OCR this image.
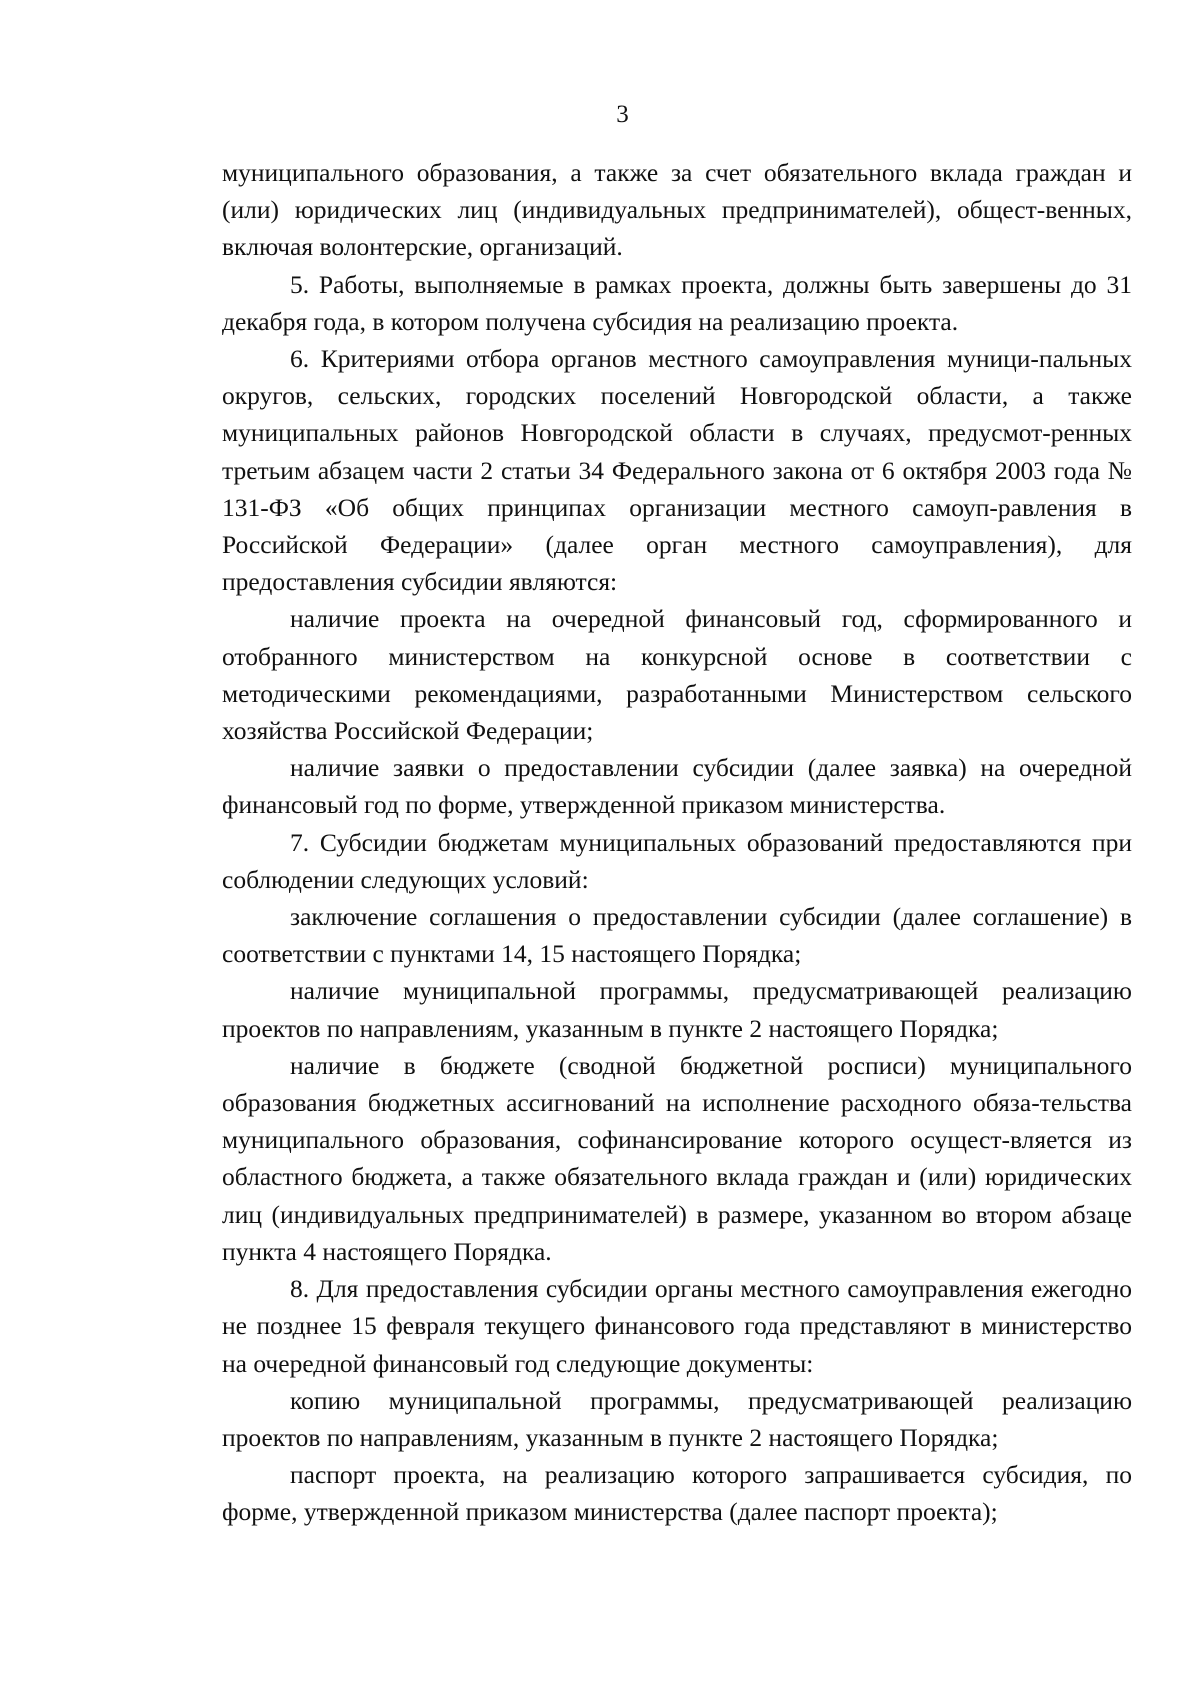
3

муниципального образования, а также за счет обязательного вклада граждан и (или) юридических лиц (индивидуальных предпринимателей), общест-венных, включая волонтерские, организаций.

5. Работы, выполняемые в рамках проекта, должны быть завершены до 31 декабря года, в котором получена субсидия на реализацию проекта.

6. Критериями отбора органов местного самоуправления муници-пальных округов, сельских, городских поселений Новгородской области, а также муниципальных районов Новгородской области в случаях, предусмот-ренных третьим абзацем части 2 статьи 34 Федерального закона от 6 октября 2003 года № 131-ФЗ «Об общих принципах организации местного самоуп-равления в Российской Федерации» (далее орган местного самоуправления), для предоставления субсидии являются:

наличие проекта на очередной финансовый год, сформированного и отобранного министерством на конкурсной основе в соответствии с методическими рекомендациями, разработанными Министерством сельского хозяйства Российской Федерации;

наличие заявки о предоставлении субсидии (далее заявка) на очередной финансовый год по форме, утвержденной приказом министерства.

7. Субсидии бюджетам муниципальных образований предоставляются при соблюдении следующих условий:

заключение соглашения о предоставлении субсидии (далее соглашение) в соответствии с пунктами 14, 15 настоящего Порядка;

наличие муниципальной программы, предусматривающей реализацию проектов по направлениям, указанным в пункте 2 настоящего Порядка;

наличие в бюджете (сводной бюджетной росписи) муниципального образования бюджетных ассигнований на исполнение расходного обяза-тельства муниципального образования, софинансирование которого осущест-вляется из областного бюджета, а также обязательного вклада граждан и (или) юридических лиц (индивидуальных предпринимателей) в размере, указанном во втором абзаце пункта 4 настоящего Порядка.

8. Для предоставления субсидии органы местного самоуправления ежегодно не позднее 15 февраля текущего финансового года представляют в министерство на очередной финансовый год следующие документы:

копию муниципальной программы, предусматривающей реализацию проектов по направлениям, указанным в пункте 2 настоящего Порядка;

паспорт проекта, на реализацию которого запрашивается субсидия, по форме, утвержденной приказом министерства (далее паспорт проекта);
